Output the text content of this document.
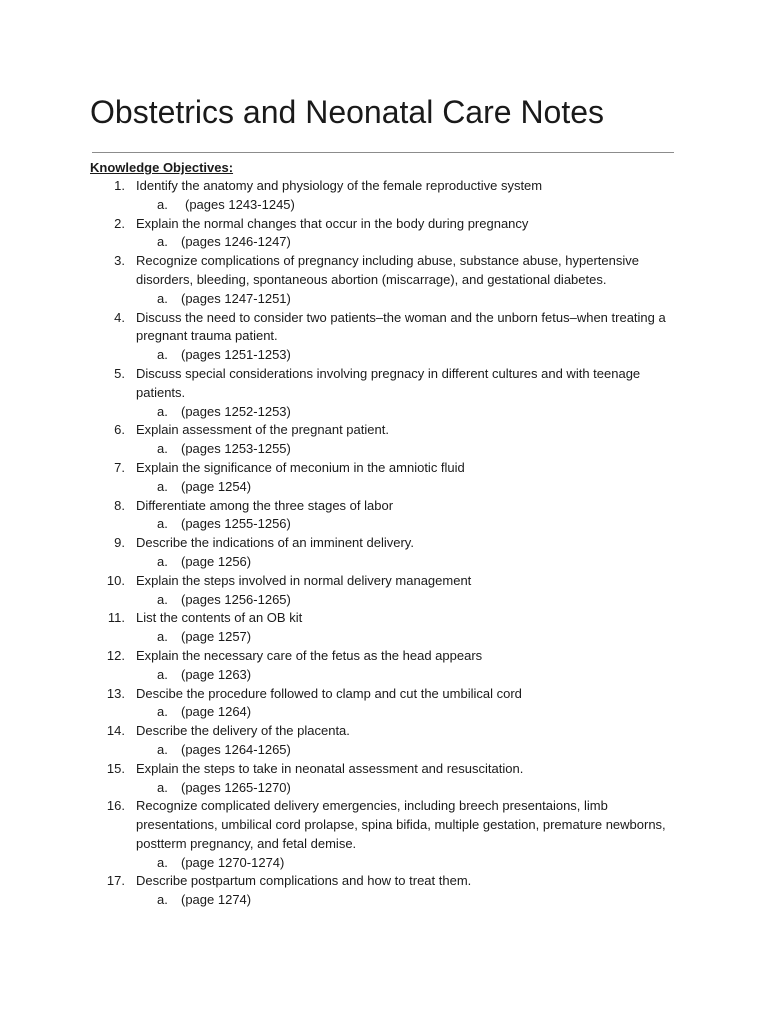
Obstetrics and Neonatal Care Notes

Knowledge Objectives:

1. Identify the anatomy and physiology of the female reproductive system
a.	(pages 1243-1245)
2. Explain the normal changes that occur in the body during pregnancy
a.	(pages 1246-1247)
3. Recognize complications of pregnancy including abuse, substance abuse, hypertensive disorders, bleeding, spontaneous abortion (miscarrage), and gestational diabetes.
a.	(pages 1247-1251)
4. Discuss the need to consider two patients–the woman and the unborn fetus–when treating a pregnant trauma patient.
a.	(pages 1251-1253)
5. Discuss special considerations involving pregnacy in different cultures and with teenage patients.
a.	(pages 1252-1253)
6. Explain assessment of the pregnant patient.
a.	(pages 1253-1255)
7. Explain the significance of meconium in the amniotic fluid
a.	(page 1254)
8. Differentiate among the three stages of labor
a.	(pages 1255-1256)
9. Describe the indications of an imminent delivery.
a.	(page 1256)
10. Explain the steps involved in normal delivery management
a.	(pages 1256-1265)
11. List the contents of an OB kit
a.	(page 1257)
12. Explain the necessary care of the fetus as the head appears
a.	(page 1263)
13. Descibe the procedure followed to clamp and cut the umbilical cord
a.	(page 1264)
14. Describe the delivery of the placenta.
a.	(pages 1264-1265)
15. Explain the steps to take in neonatal assessment and resuscitation.
a.	(pages 1265-1270)
16. Recognize complicated delivery emergencies, including breech presentaions, limb presentations, umbilical cord prolapse, spina bifida, multiple gestation, premature newborns, postterm pregnancy, and fetal demise.
a.	(page 1270-1274)
17. Describe postpartum complications and how to treat them.
a.	(page 1274)
